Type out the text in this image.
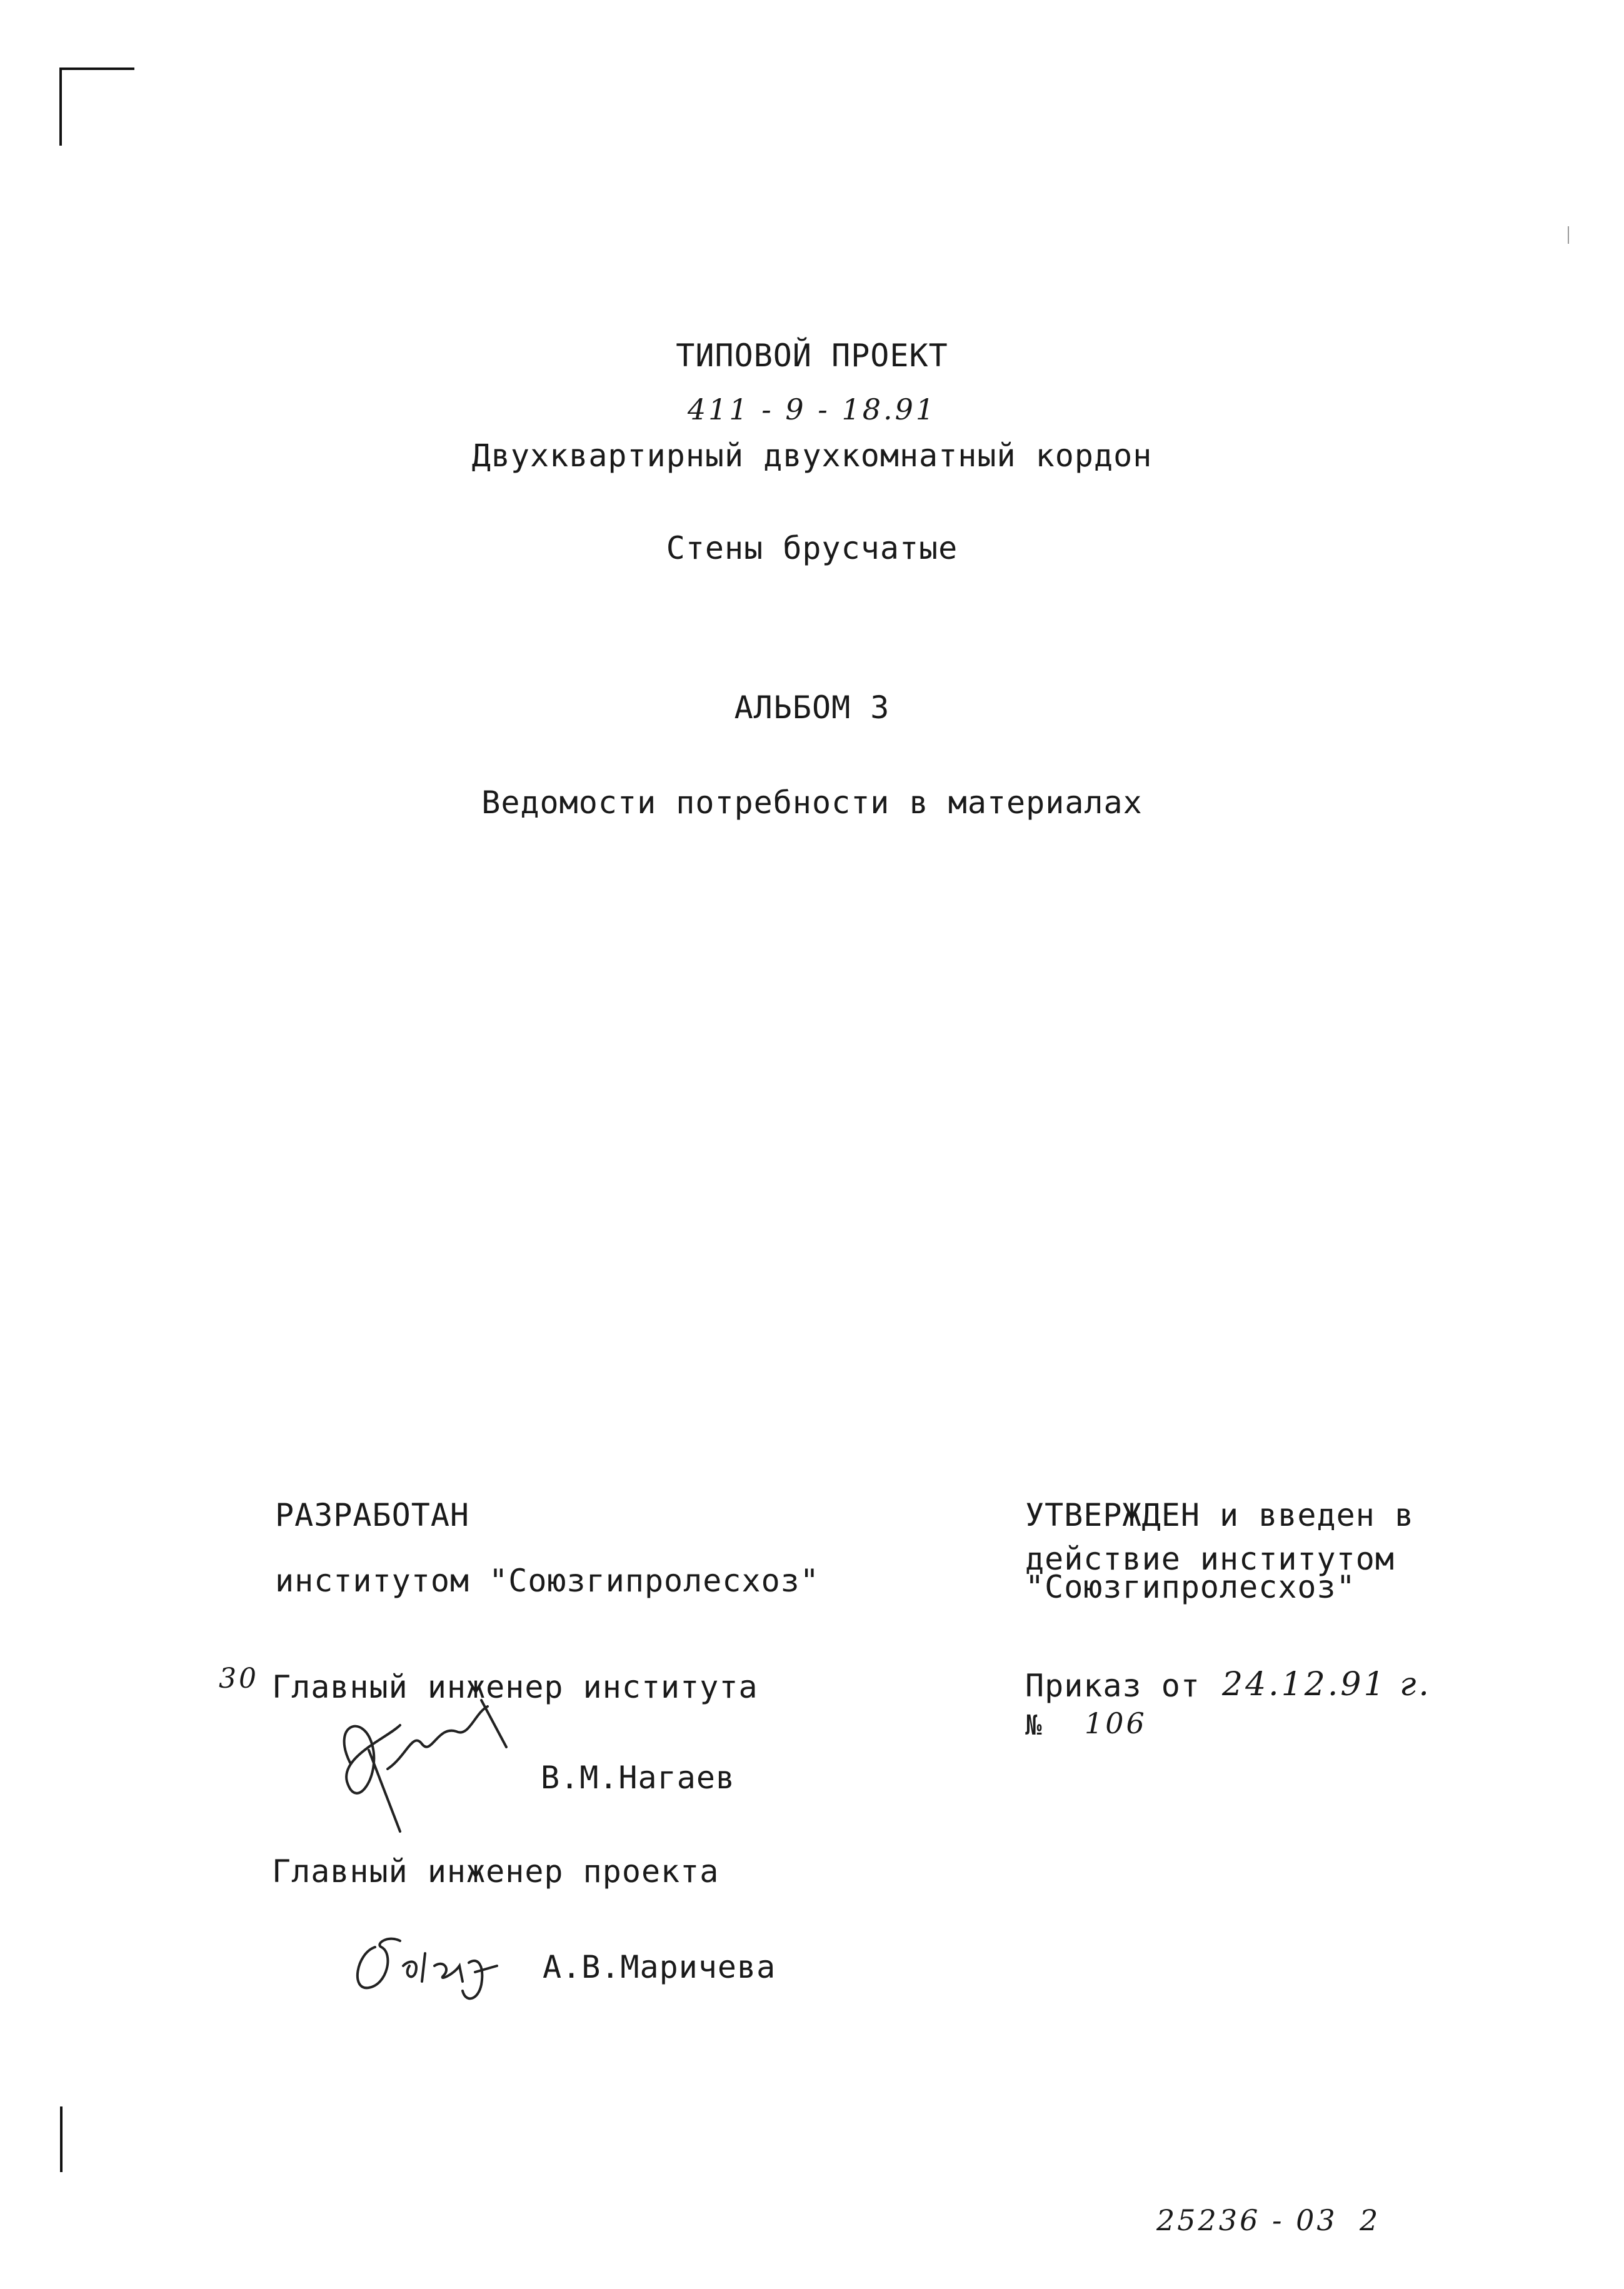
ТИПОВОЙ ПРОЕКТ
411 - 9 - 18.91
Двухквартирный двухкомнатный кордон
Стены брусчатые
АЛЬБОМ 3
Ведомости потребности в материалах
РАЗРАБОТАН
институтом "Союзгипролесхоз"
30 Главный инженер института
В.М.Нагаев
Главный инженер проекта
А.В.Маричева
УТВЕРЖДЕН и введен в
действие институтом
"Союзгипролесхоз"
Приказ от 24.12.91 г.
№ 106
25236 - 03 2
